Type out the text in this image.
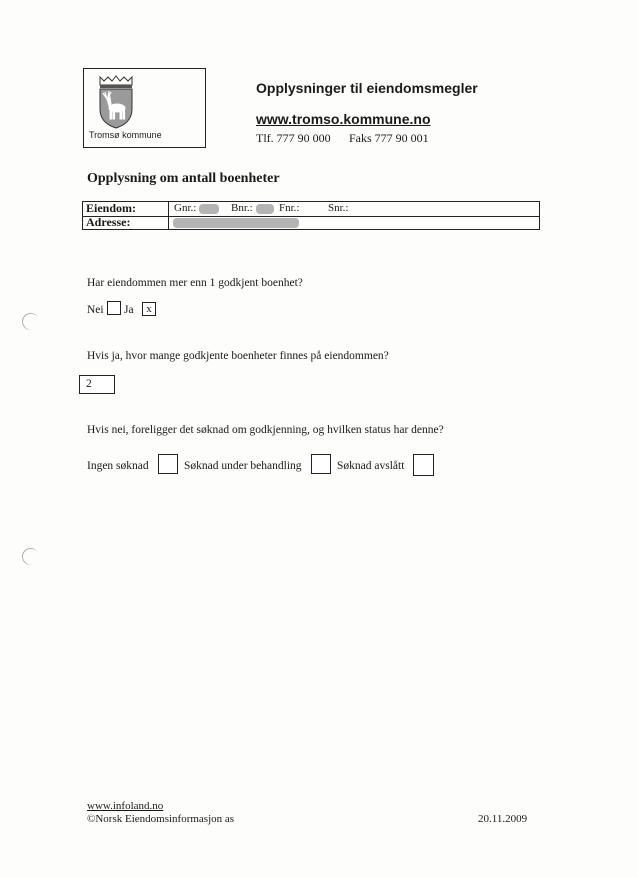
Tromsø kommune
Opplysninger til eiendomsmegler
www.tromso.kommune.no
Tlf. 777 90 000 Faks 777 90 001
Opplysning om antall boenheter
Eiendom:	Gnr.:	Bnr.: Fnr.:	Snr.:
Adresse:
Har eiendommen mer enn 1 godkjent boenhet?
Nei Ja	x
Hvis ja, hvor mange godkjente boenheter finnes på eiendommen?
2
Hvis nei, foreligger det søknad om godkjenning, og hvilken status har denne?
Ingen søknad	Søknad under behandling	Søknad avslått
www.infoland.no
©Norsk Eiendomsinformasjon as	20.11.2009
